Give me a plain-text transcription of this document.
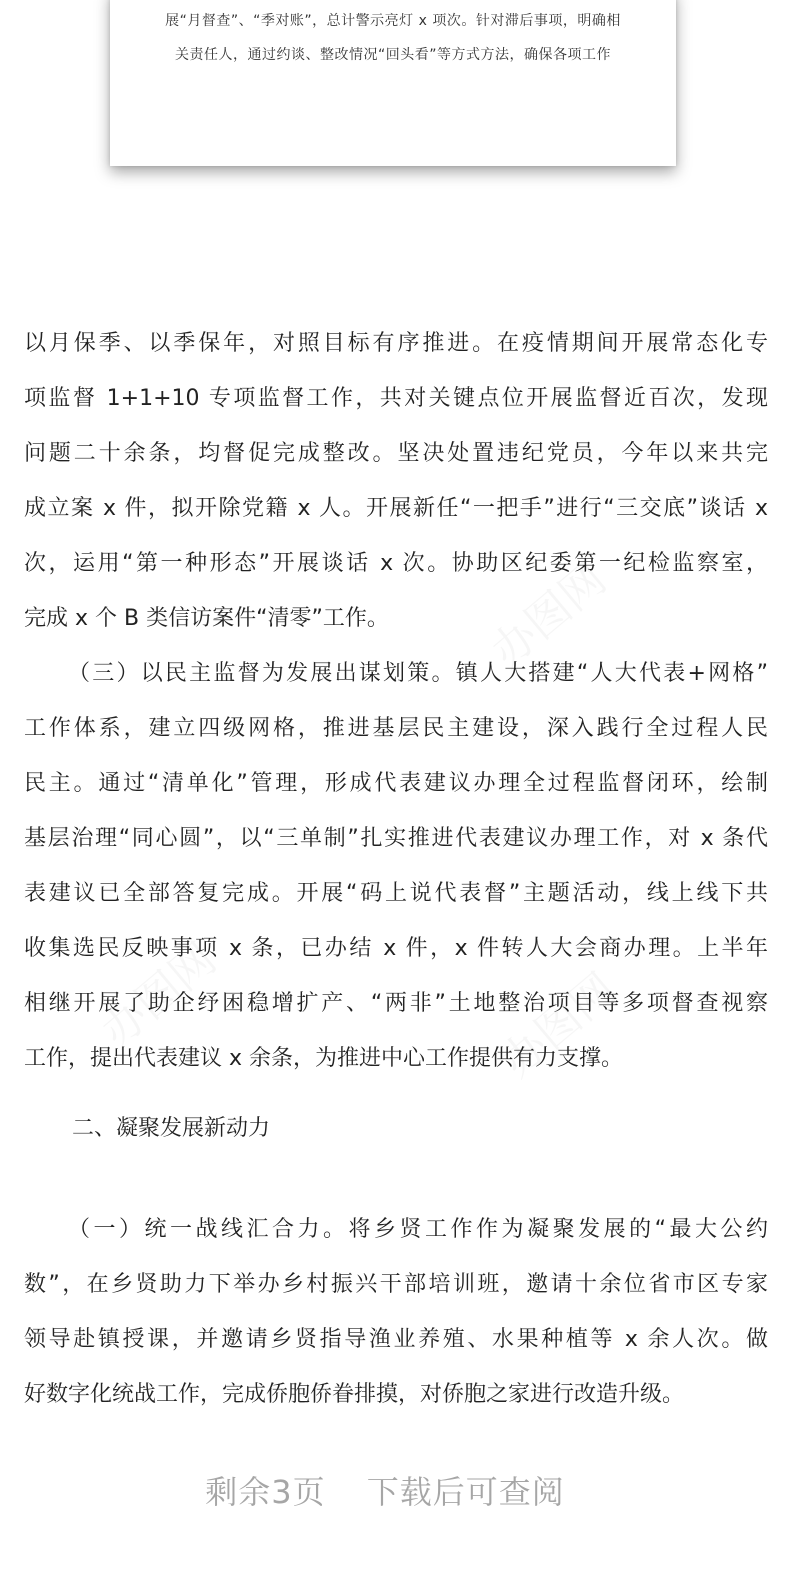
展“月督查”、“季对账”，总计警示亮灯 x 项次。针对滞后事项，明确相
关责任人，通过约谈、整改情况“回头看”等方式方法，确保各项工作
以月保季、以季保年，对照目标有序推进。在疫情期间开展常态化专
项监督 1+1+10 专项监督工作，共对关键点位开展监督近百次，发现
问题二十余条，均督促完成整改。坚决处置违纪党员，今年以来共完
成立案 x 件，拟开除党籍 x 人。开展新任“一把手”进行“三交底”谈话 x
次，运用“第一种形态”开展谈话 x 次。协助区纪委第一纪检监察室，
完成 x 个 B 类信访案件“清零”工作。
（三）以民主监督为发展出谋划策。镇人大搭建“人大代表+网格”
工作体系，建立四级网格，推进基层民主建设，深入践行全过程人民
民主。通过“清单化”管理，形成代表建议办理全过程监督闭环，绘制
基层治理“同心圆”，以“三单制”扎实推进代表建议办理工作，对 x 条代
表建议已全部答复完成。开展“码上说代表督”主题活动，线上线下共
收集选民反映事项 x 条，已办结 x 件，x 件转人大会商办理。上半年
相继开展了助企纾困稳增扩产、“两非”土地整治项目等多项督查视察
工作，提出代表建议 x 余条，为推进中心工作提供有力支撑。
二、凝聚发展新动力
（一）统一战线汇合力。将乡贤工作作为凝聚发展的“最大公约
数”，在乡贤助力下举办乡村振兴干部培训班，邀请十余位省市区专家
领导赴镇授课，并邀请乡贤指导渔业养殖、水果种植等 x 余人次。做
好数字化统战工作，完成侨胞侨眷排摸，对侨胞之家进行改造升级。
剩余3页 下载后可查阅
